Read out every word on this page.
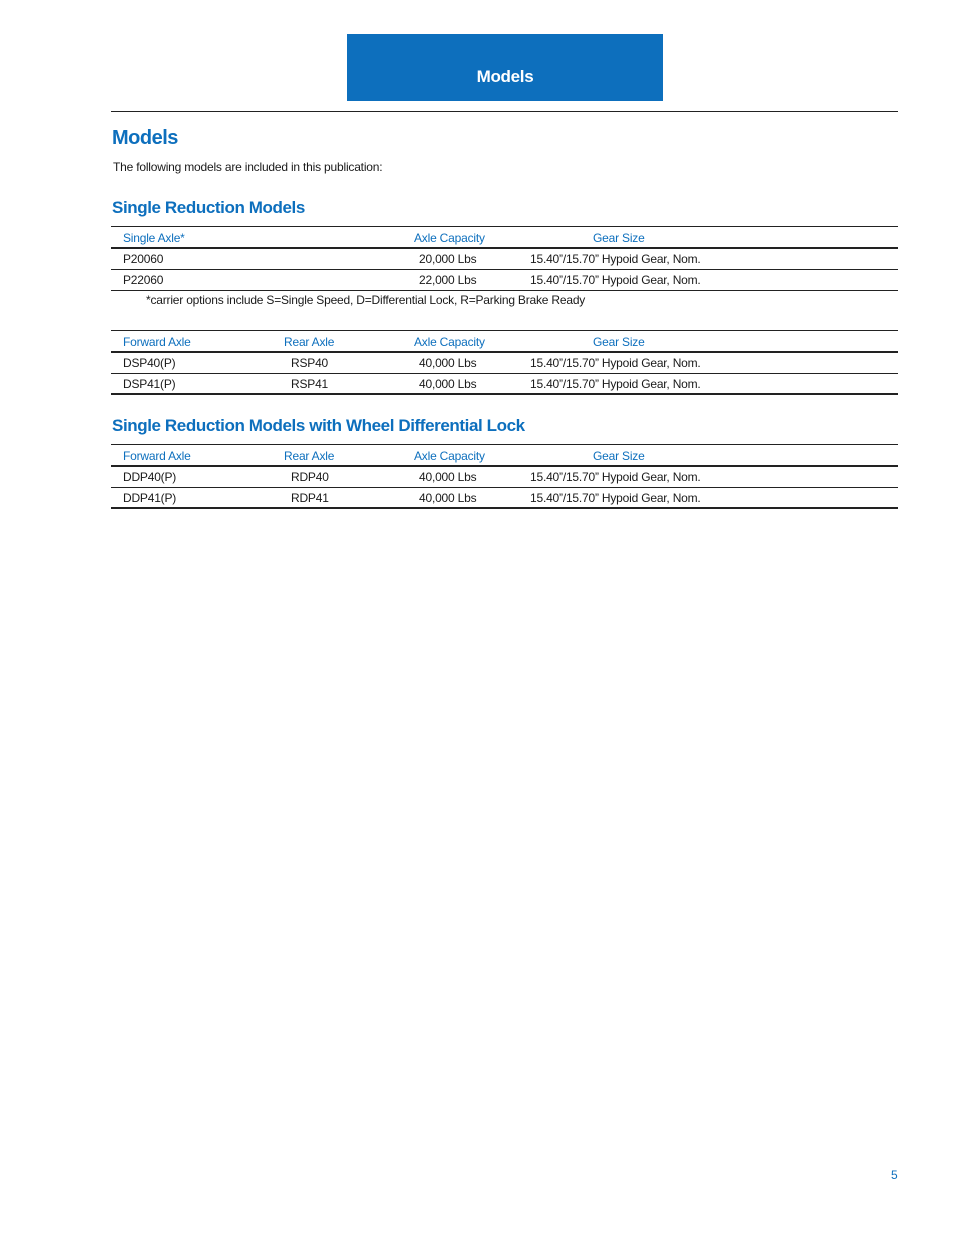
Models
Models
The following models are included in this publication:
Single Reduction Models
Single Axle*	Axle Capacity	Gear Size
P20060	20,000 Lbs	15.40”/15.70” Hypoid Gear, Nom.
P22060	22,000 Lbs	15.40”/15.70” Hypoid Gear, Nom.
*carrier options include S=Single Speed, D=Differential Lock, R=Parking Brake Ready
Forward Axle	Rear Axle	Axle Capacity	Gear Size
DSP40(P)	RSP40	40,000 Lbs	15.40”/15.70” Hypoid Gear, Nom.
DSP41(P)	RSP41	40,000 Lbs	15.40”/15.70” Hypoid Gear, Nom.
Single Reduction Models with Wheel Differential Lock
Forward Axle	Rear Axle	Axle Capacity	Gear Size
DDP40(P)	RDP40	40,000 Lbs	15.40”/15.70” Hypoid Gear, Nom.
DDP41(P)	RDP41	40,000 Lbs	15.40”/15.70” Hypoid Gear, Nom.
5
